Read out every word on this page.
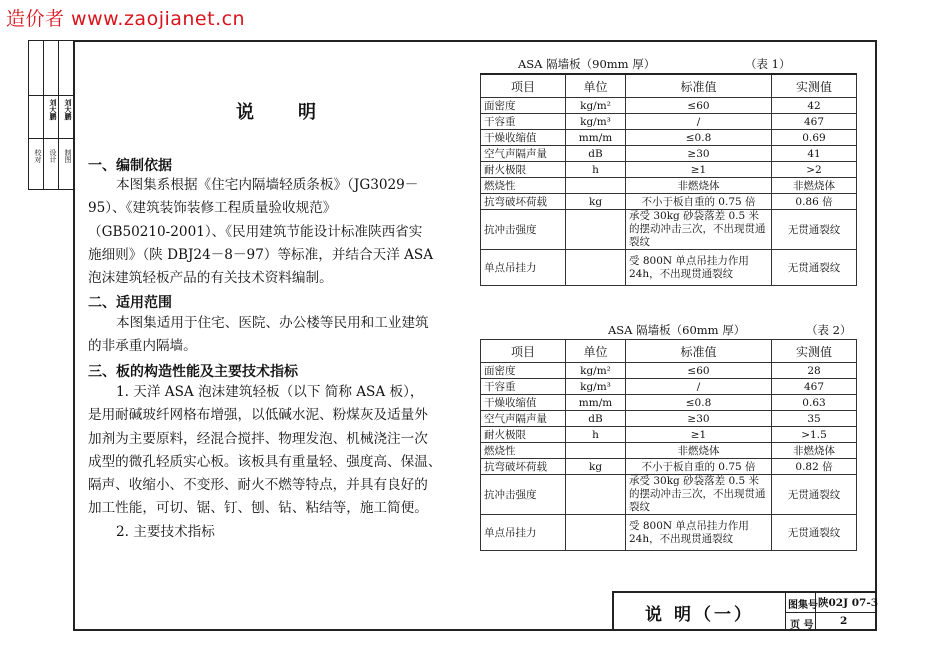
造价者 www.zaojianet.cn
校对	设计	制图
刘大鹏 刘大鹏	说 明
一、编制依据
本图集系根据《住宅内隔墙轻质条板》（JG3029－
95）、《建筑装饰装修工程质量验收规范》
（GB50210-2001）、《民用建筑节能设计标准陕西省实
施细则》（陕 DBJ24－8－97）等标准，并结合天洋 ASA
泡沫建筑轻板产品的有关技术资料编制。
二、适用范围
本图集适用于住宅、医院、办公楼等民用和工业建筑
的非承重内隔墙。
三、板的构造性能及主要技术指标
1. 天洋 ASA 泡沫建筑轻板（以下 简称 ASA 板），
是用耐碱玻纤网格布增强，以低碱水泥、粉煤灰及适量外
加剂为主要原料，经混合搅拌、物理发泡、机械浇注一次
成型的微孔轻质实心板。该板具有重量轻、强度高、保温、
隔声、收缩小、不变形、耐火不燃等特点，并具有良好的
加工性能，可切、锯、钉、刨、钻、粘结等，施工简便。
2. 主要技术指标
ASA 隔墙板（90mm 厚）	（表 1）
项目	单位	标准值	实测值
面密度	kg/m²	≤60	42
干容重	kg/m³	/	467
干燥收缩值	mm/m	≤0.8	0.69
空气声隔声量	dB	≥30	41
耐火极限	h	≥1	>2
燃烧性		非燃烧体	非燃烧体
抗弯破坏荷载	kg	不小于板自重的 0.75 倍	0.86 倍
抗冲击强度		承受 30kg 砂袋落差 0.5 米的摆动冲击三次，不出现贯通裂纹	无贯通裂纹
单点吊挂力		受 800N 单点吊挂力作用 24h，不出现贯通裂纹	无贯通裂纹
ASA 隔墙板（60mm 厚）	（表 2）
项目	单位	标准值	实测值
面密度	kg/m²	≤60	28
干容重	kg/m³	/	467
干燥收缩值	mm/m	≤0.8	0.63
空气声隔声量	dB	≥30	35
耐火极限	h	≥1	>1.5
燃烧性		非燃烧体	非燃烧体
抗弯破坏荷载	kg	不小于板自重的 0.75 倍	0.82 倍
抗冲击强度		承受 30kg 砂袋落差 0.5 米的摆动冲击三次，不出现贯通裂纹	无贯通裂纹
单点吊挂力		受 800N 单点吊挂力作用 24h，不出现贯通裂纹	无贯通裂纹
说 明（一）	图集号 陕02J 07-3
页 号	2
